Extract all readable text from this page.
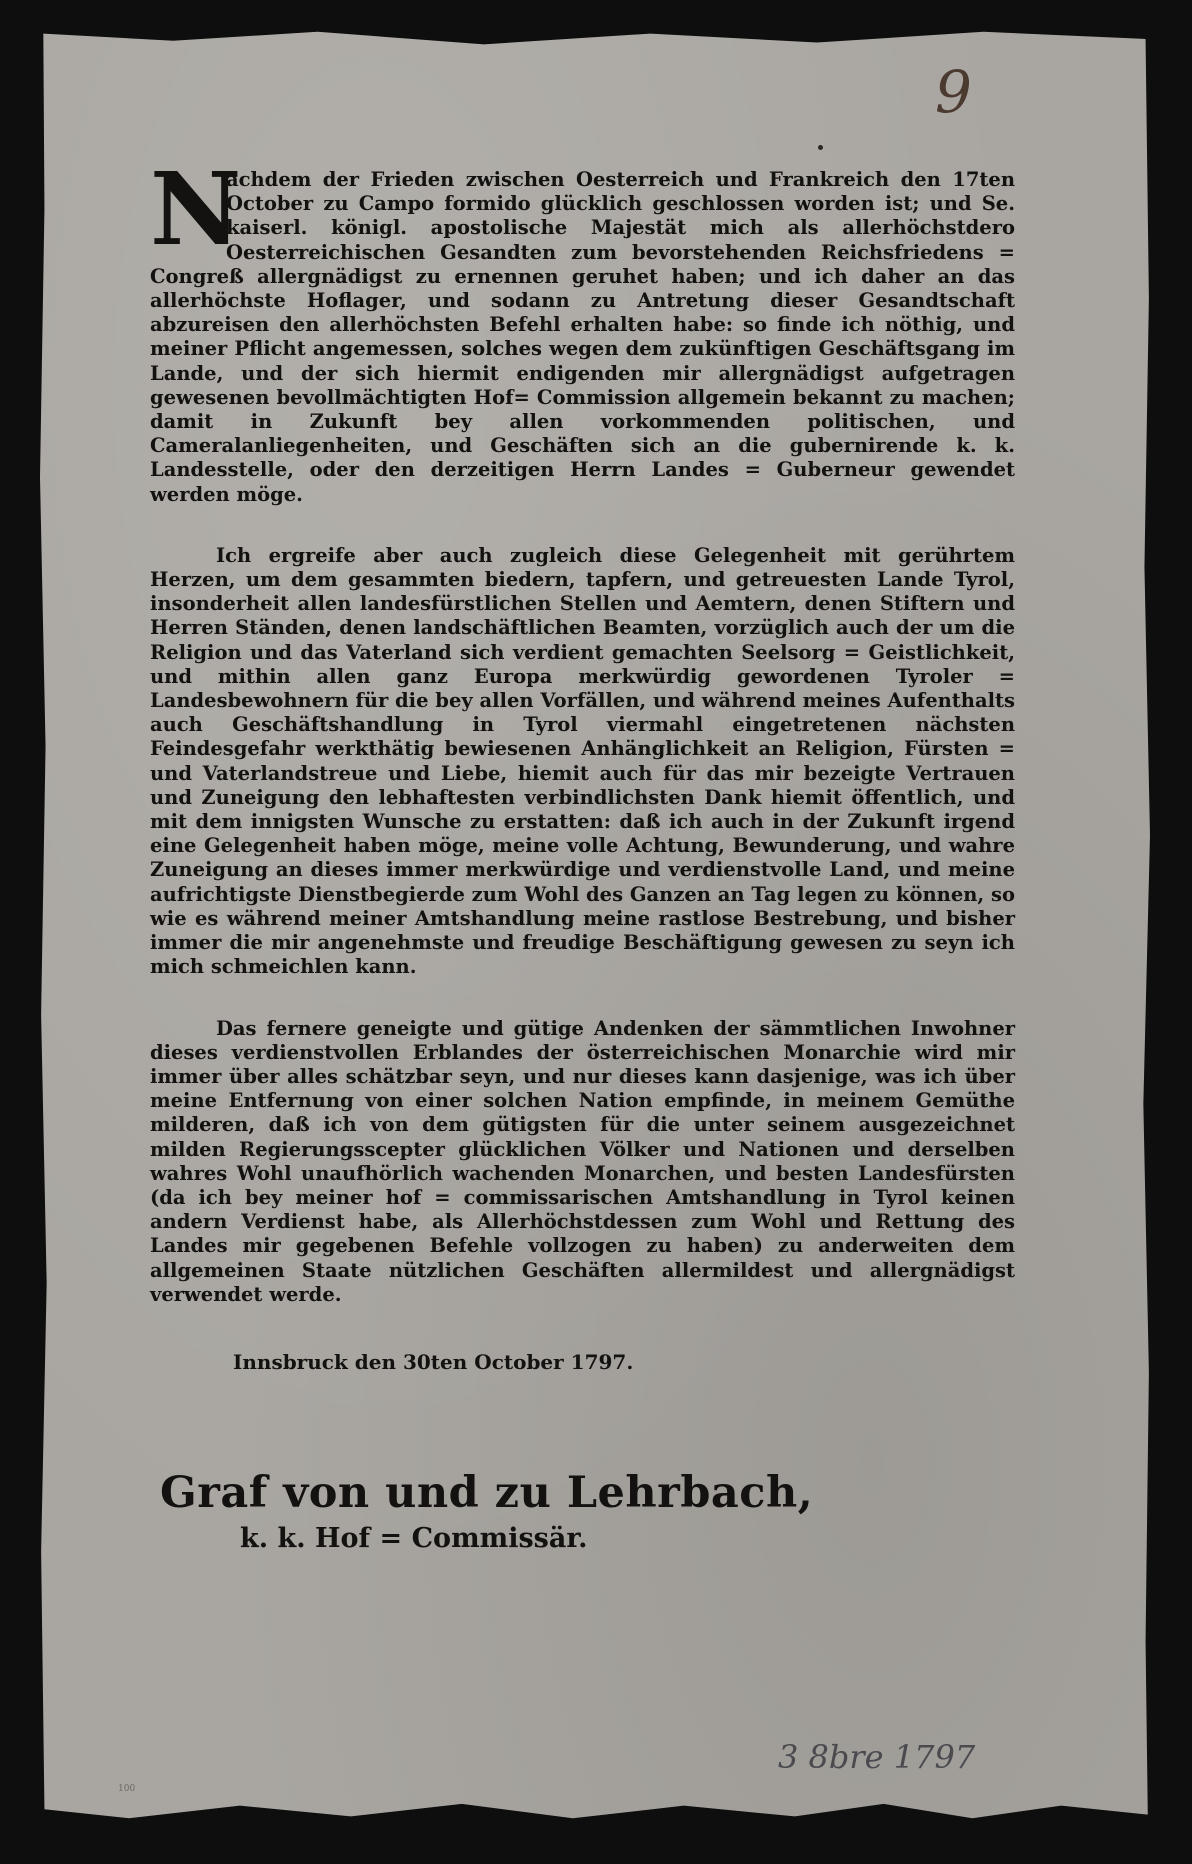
9

N
achdem der Frieden zwischen Oesterreich und Frankreich den 17ten October zu Campo formido glücklich geschlossen worden ist; und Se. kaiserl. königl. apostolische Majestät mich als allerhöchstdero Oesterreichischen Gesandten zum bevorstehenden Reichsfriedens = Congreß allergnädigst zu ernennen geruhet haben; und ich daher an das allerhöchste Hoflager, und sodann zu Antretung dieser Gesandtschaft abzureisen den allerhöchsten Befehl erhalten habe: so finde ich nöthig, und meiner Pflicht angemessen, solches wegen dem zukünftigen Geschäftsgang im Lande, und der sich hiermit endigenden mir allergnädigst aufgetragen gewesenen bevollmächtigten Hof= Commission allgemein bekannt zu machen; damit in Zukunft bey allen vorkommenden politischen, und Cameralanliegenheiten, und Geschäften sich an die gubernirende k. k. Landesstelle, oder den derzeitigen Herrn Landes = Guberneur gewendet werden möge.

Ich ergreife aber auch zugleich diese Gelegenheit mit gerührtem Herzen, um dem gesammten biedern, tapfern, und getreuesten Lande Tyrol, insonderheit allen landesfürstlichen Stellen und Aemtern, denen Stiftern und Herren Ständen, denen landschäftlichen Beamten, vorzüglich auch der um die Religion und das Vaterland sich verdient gemachten Seelsorg = Geistlichkeit, und mithin allen ganz Europa merkwürdig gewordenen Tyroler = Landesbewohnern für die bey allen Vorfällen, und während meines Aufenthalts auch Geschäftshandlung in Tyrol viermahl eingetretenen nächsten Feindesgefahr werkthätig bewiesenen Anhänglichkeit an Religion, Fürsten = und Vaterlandstreue und Liebe, hiemit auch für das mir bezeigte Vertrauen und Zuneigung den lebhaftesten verbindlichsten Dank hiemit öffentlich, und mit dem innigsten Wunsche zu erstatten: daß ich auch in der Zukunft irgend eine Gelegenheit haben möge, meine volle Achtung, Bewunderung, und wahre Zuneigung an dieses immer merkwürdige und verdienstvolle Land, und meine aufrichtigste Dienstbegierde zum Wohl des Ganzen an Tag legen zu können, so wie es während meiner Amtshandlung meine rastlose Bestrebung, und bisher immer die mir angenehmste und freudige Beschäftigung gewesen zu seyn ich mich schmeichlen kann.

Das fernere geneigte und gütige Andenken der sämmtlichen Inwohner dieses verdienstvollen Erblandes der österreichischen Monarchie wird mir immer über alles schätzbar seyn, und nur dieses kann dasjenige, was ich über meine Entfernung von einer solchen Nation empfinde, in meinem Gemüthe milderen, daß ich von dem gütigsten für die unter seinem ausgezeichnet milden Regierungsscepter glücklichen Völker und Nationen und derselben wahres Wohl unaufhörlich wachenden Monarchen, und besten Landesfürsten (da ich bey meiner hof = commissarischen Amtshandlung in Tyrol keinen andern Verdienst habe, als Allerhöchstdessen zum Wohl und Rettung des Landes mir gegebenen Befehle vollzogen zu haben) zu anderweiten dem allgemeinen Staate nützlichen Geschäften allermildest und allergnädigst verwendet werde.

Innsbruck den 30ten October 1797.
Graf von und zu Lehrbach,
k. k. Hof = Commissär.
3 8bre 1797
100
